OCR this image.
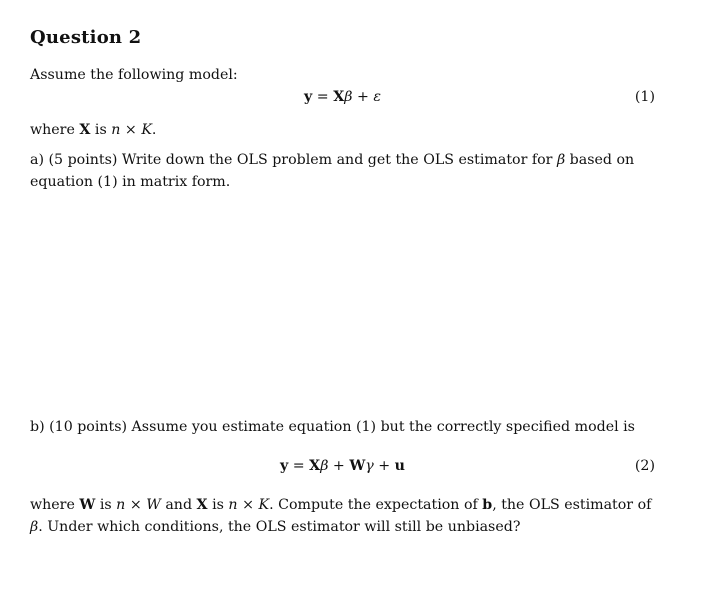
Question 2
Assume the following model:
y = Xβ + ε	(1)
where X is n × K.
a) (5 points) Write down the OLS problem and get the OLS estimator for β based on equation (1) in matrix form.
b) (10 points) Assume you estimate equation (1) but the correctly specified model is
y = Xβ + Wγ + u	(2)
where W is n × W and X is n × K. Compute the expectation of b, the OLS estimator of β. Under which conditions, the OLS estimator will still be unbiased?
